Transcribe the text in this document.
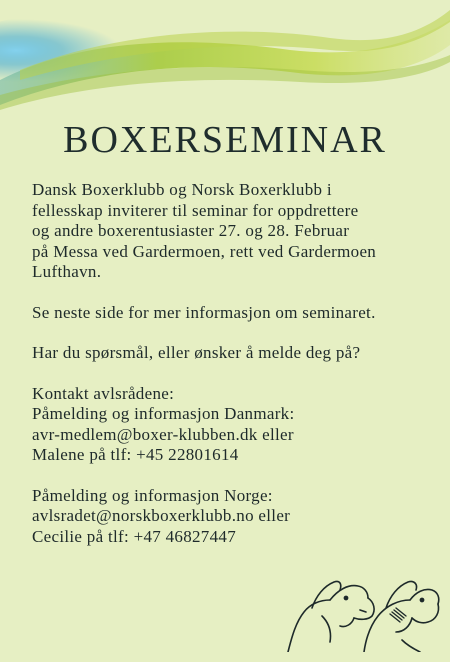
BOXERSEMINAR

Dansk Boxerklubb og Norsk Boxerklubb i
fellesskap inviterer til seminar for oppdrettere
og andre boxerentusiaster 27. og 28. Februar
på Messa ved Gardermoen, rett ved Gardermoen
Lufthavn.

Se neste side for mer informasjon om seminaret.

Har du spørsmål, eller ønsker å melde deg på?

Kontakt avlsrådene:
Påmelding og informasjon Danmark:
avr-medlem@boxer-klubben.dk eller
Malene på tlf: +45 22801614

Påmelding og informasjon Norge:
avlsradet@norskboxerklubb.no eller
Cecilie på tlf: +47 46827447
